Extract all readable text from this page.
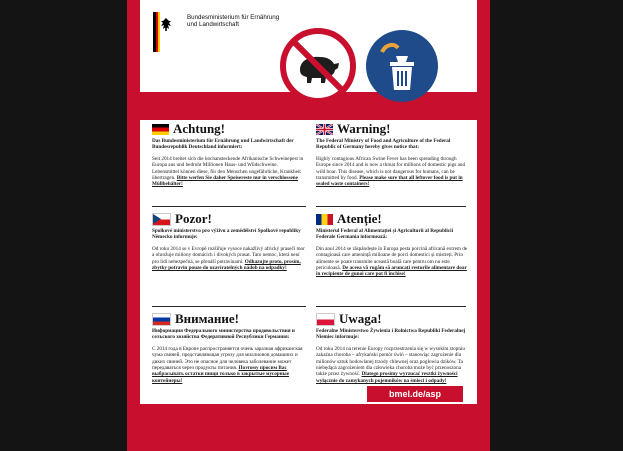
Bundesministerium für Ernährung und Landwirtschaft
Achtung!
Das Bundesministerium für Ernährung und Landwirtschaft der Bundesrepublik Deutschland informiert:

Seit 2014 breitet sich die hochansteckende Afrikanische Schweinepest in Europa aus und bedroht Millionen Haus- und Wildschweine. Lebensmittel können diese, für den Menschen ungefährliche, Krankheit übertragen. Bitte werfen Sie daher Speisereste nur in verschlossene Müllbehälter!

Warning!
The Federal Ministry of Food and Agriculture of the Federal Republic of Germany hereby gives notice that:

Highly contagious African Swine Fever has been spreading through Europe since 2014 and is now a threat for millions of domestic pigs and wild boar. This disease, which is not dangerous for humans, can be transmitted by food. Please make sure that all leftover food is put in sealed waste containers!

Pozor!
Spolkové ministerstvo pro výživu a zemědělství Spolkové republiky Německo informuje:

Od roku 2014 se v Evropě rozšiřuje vysoce nakažlivý africký prasečí mor a ohrožuje miliony domácích i divokých prasat. Tato nemoc, která není pro lidi nebezpečná, se přenáší potravinami. Odhazujte proto, prosím, zbytky potravin pouze do uzavíratelných nádob na odpadky!

Atenție!
Ministerul Federal al Alimentației și Agriculturii al Republicii Federale Germania informează:

Din anul 2014 se răspândește în Europa pesta porcină africană extrem de contagioasă care amenință milioane de porci domestici și mistreți. Prin alimente se poate transmite această boală care pentru om nu este periculoasă. De aceea vă rugăm să aruncați resturile alimentare doar în recipiente de gunoi care pot fi închise!

Внимание!
Информация Федерального министерства продовольствия и сельского хозяйства Федеративной Республики Германия:

С 2014 года в Европе распространяется очень заразная африканская чума свиней, представляющая угрозу для миллионов домашних и диких свиней. Это не опасное для человека заболевание может передаваться через продукты питания. Поэтому просим Вас выбрасывать остатки пищи только в закрытые мусорные контейнеры!

Uwaga!
Federalne Ministerstwo Żywienia i Rolnictwa Republiki Federalnej Niemiec informuje:

Od roku 2014 na terenie Europy rozprzestrzenia się w wysokim stopniu zakaźna choroba – afrykański pomór świń – stanowiąc zagrożenie dla milionów sztuk hodowlanej trzody chlewnej oraz pogłowia dzików. Ta niebędąca zagrożeniem dla człowieka choroba może być przenoszona także przez żywność. Dlatego prosimy wyrzucać resztki żywności wyłącznie do zamykanych pojemników na śmieci i odpady!

bmel.de/asp
